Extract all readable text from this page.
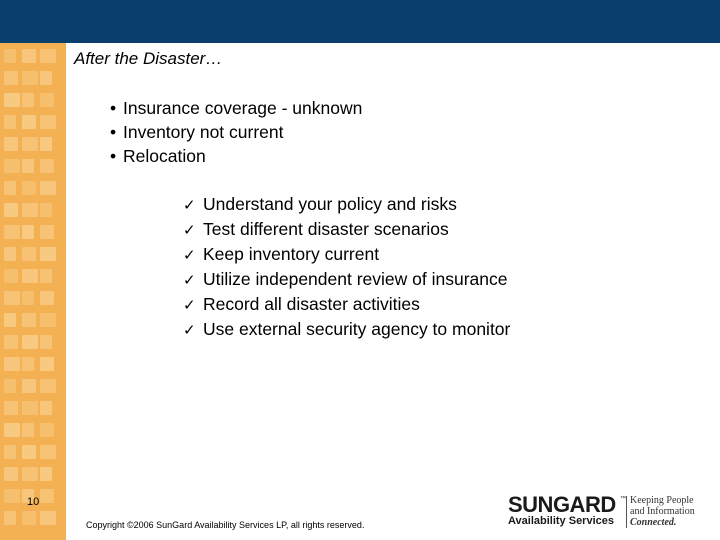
After the Disaster…
• Insurance coverage - unknown
• Inventory not current
• Relocation
✓ Understand your policy and risks
✓ Test different disaster scenarios
✓ Keep inventory current
✓ Utilize independent review of insurance
✓ Record all disaster activities
✓ Use external security agency to monitor
10
Copyright ©2006 SunGard Availability Services LP, all rights reserved.
SUNGARD
Availability Services
™ Keeping People
and Information
Connected.
